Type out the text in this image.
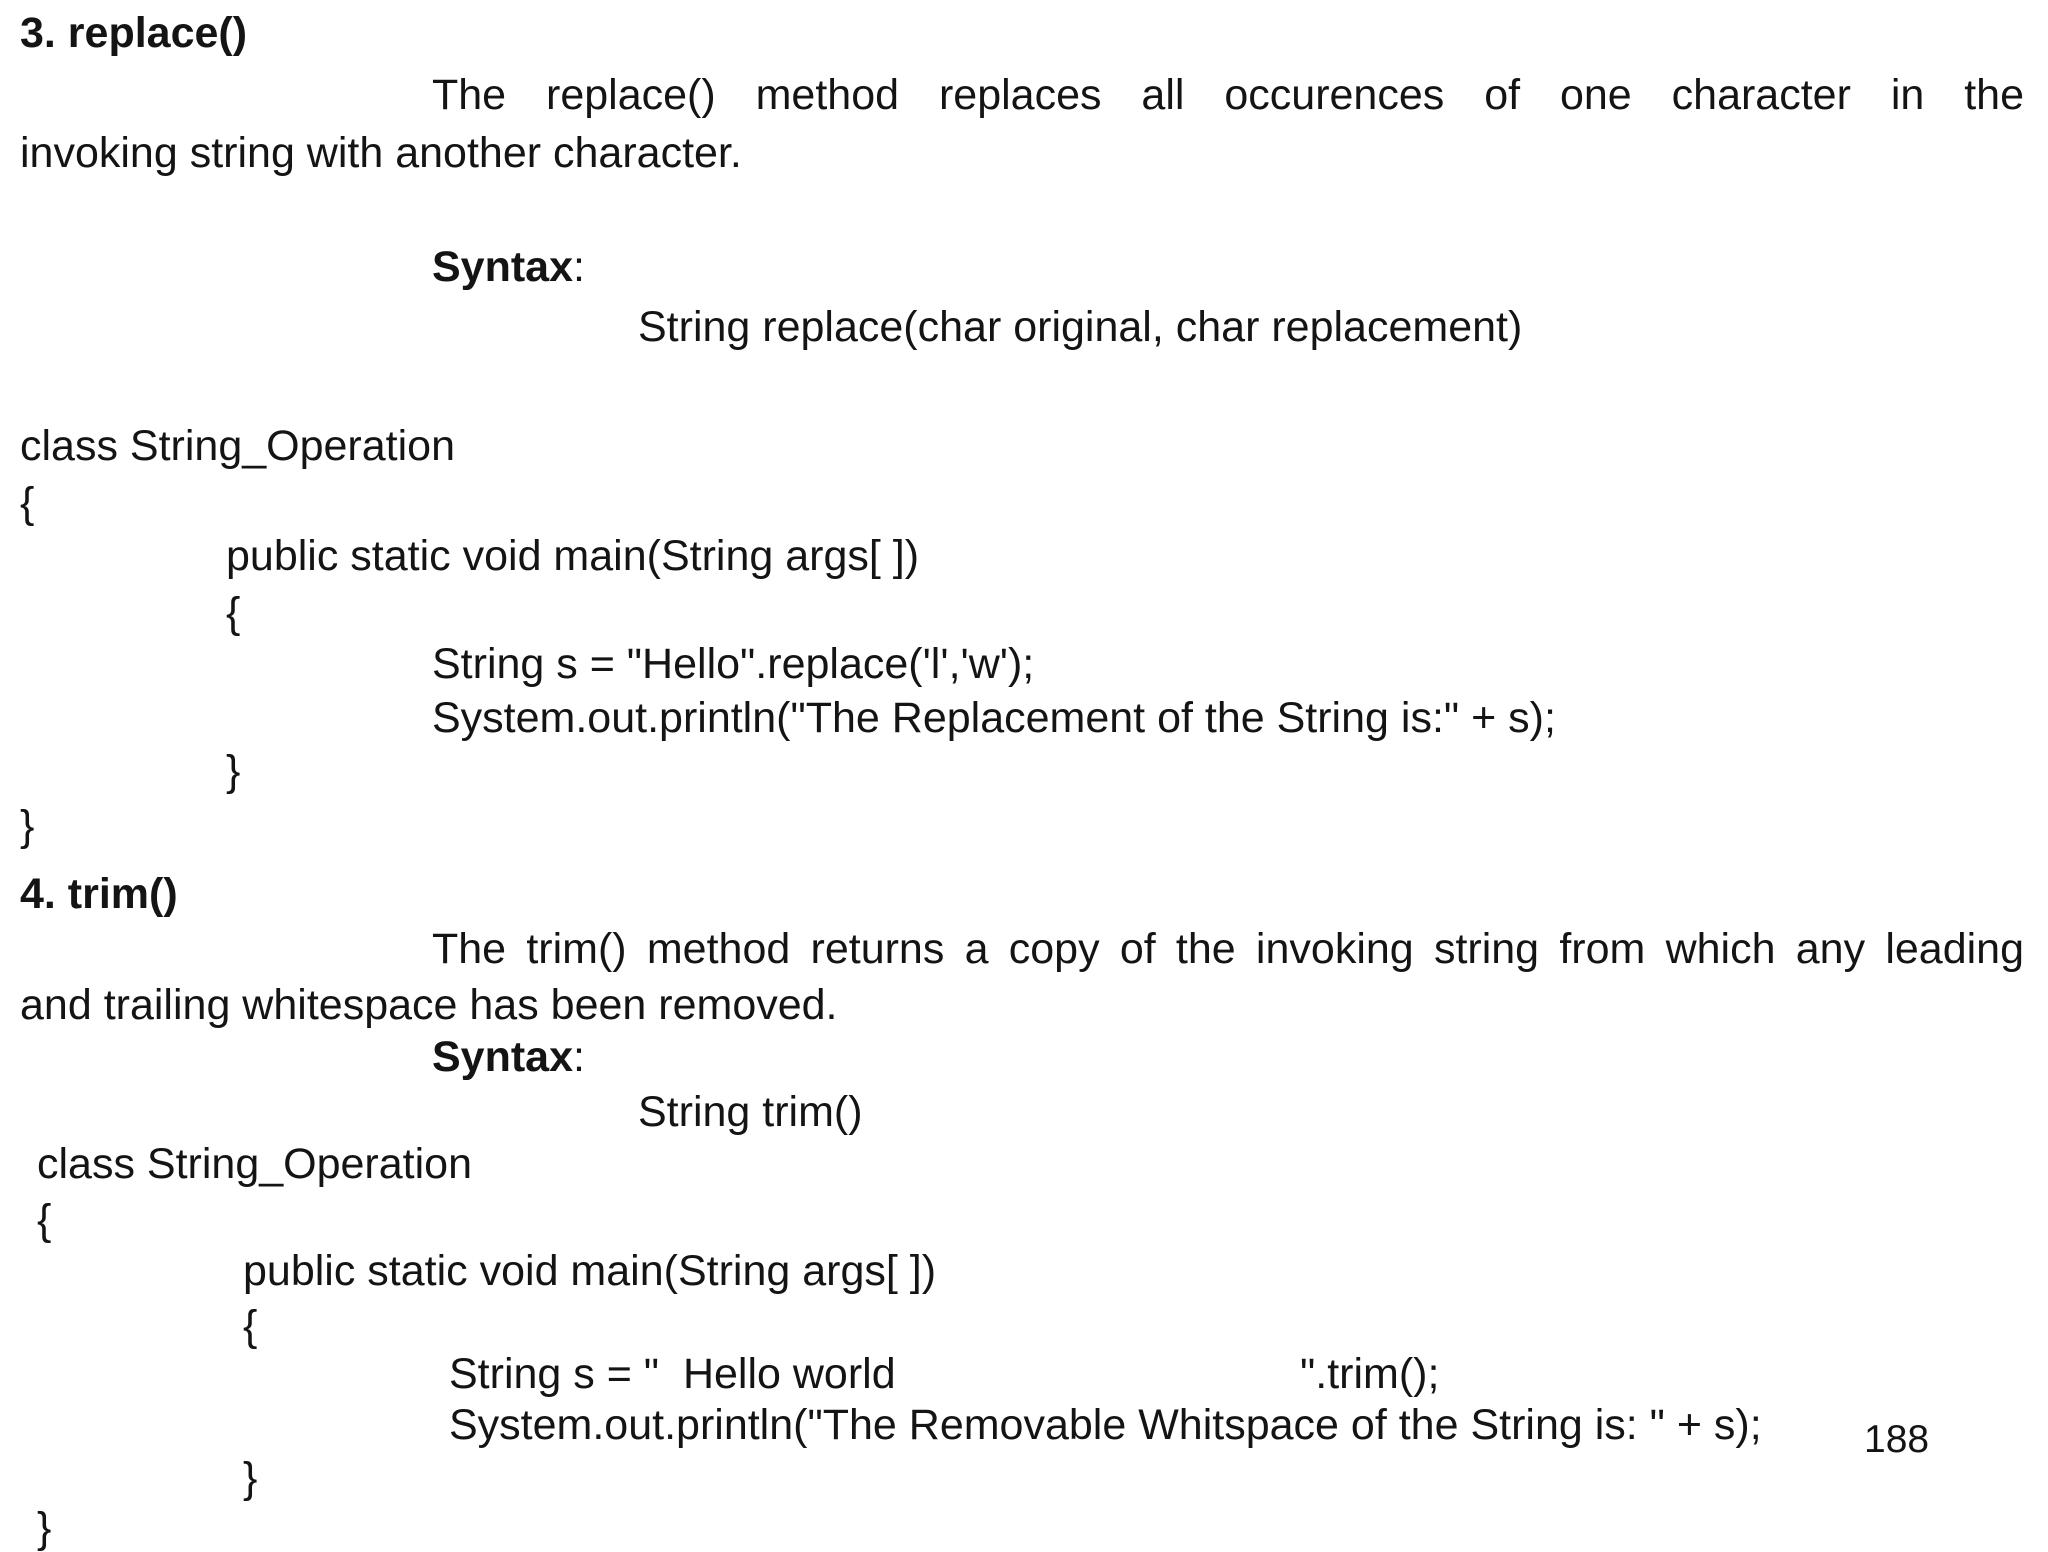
3. replace()
The replace() method replaces all occurences of one character in the
invoking string with another character.
Syntax:
String replace(char original, char replacement)
class String_Operation
{
public static void main(String args[ ])
{
String s = "Hello".replace('l','w');
System.out.println("The Replacement of the String is:" + s);
}
}
4. trim()
The trim() method returns a copy of the invoking string from which any leading
and trailing whitespace has been removed.
Syntax:
String trim()
class String_Operation
{
public static void main(String args[ ])
{
String s = "  Hello world	".trim();
System.out.println("The Removable Whitspace of the String is: " + s);
}
}
188
